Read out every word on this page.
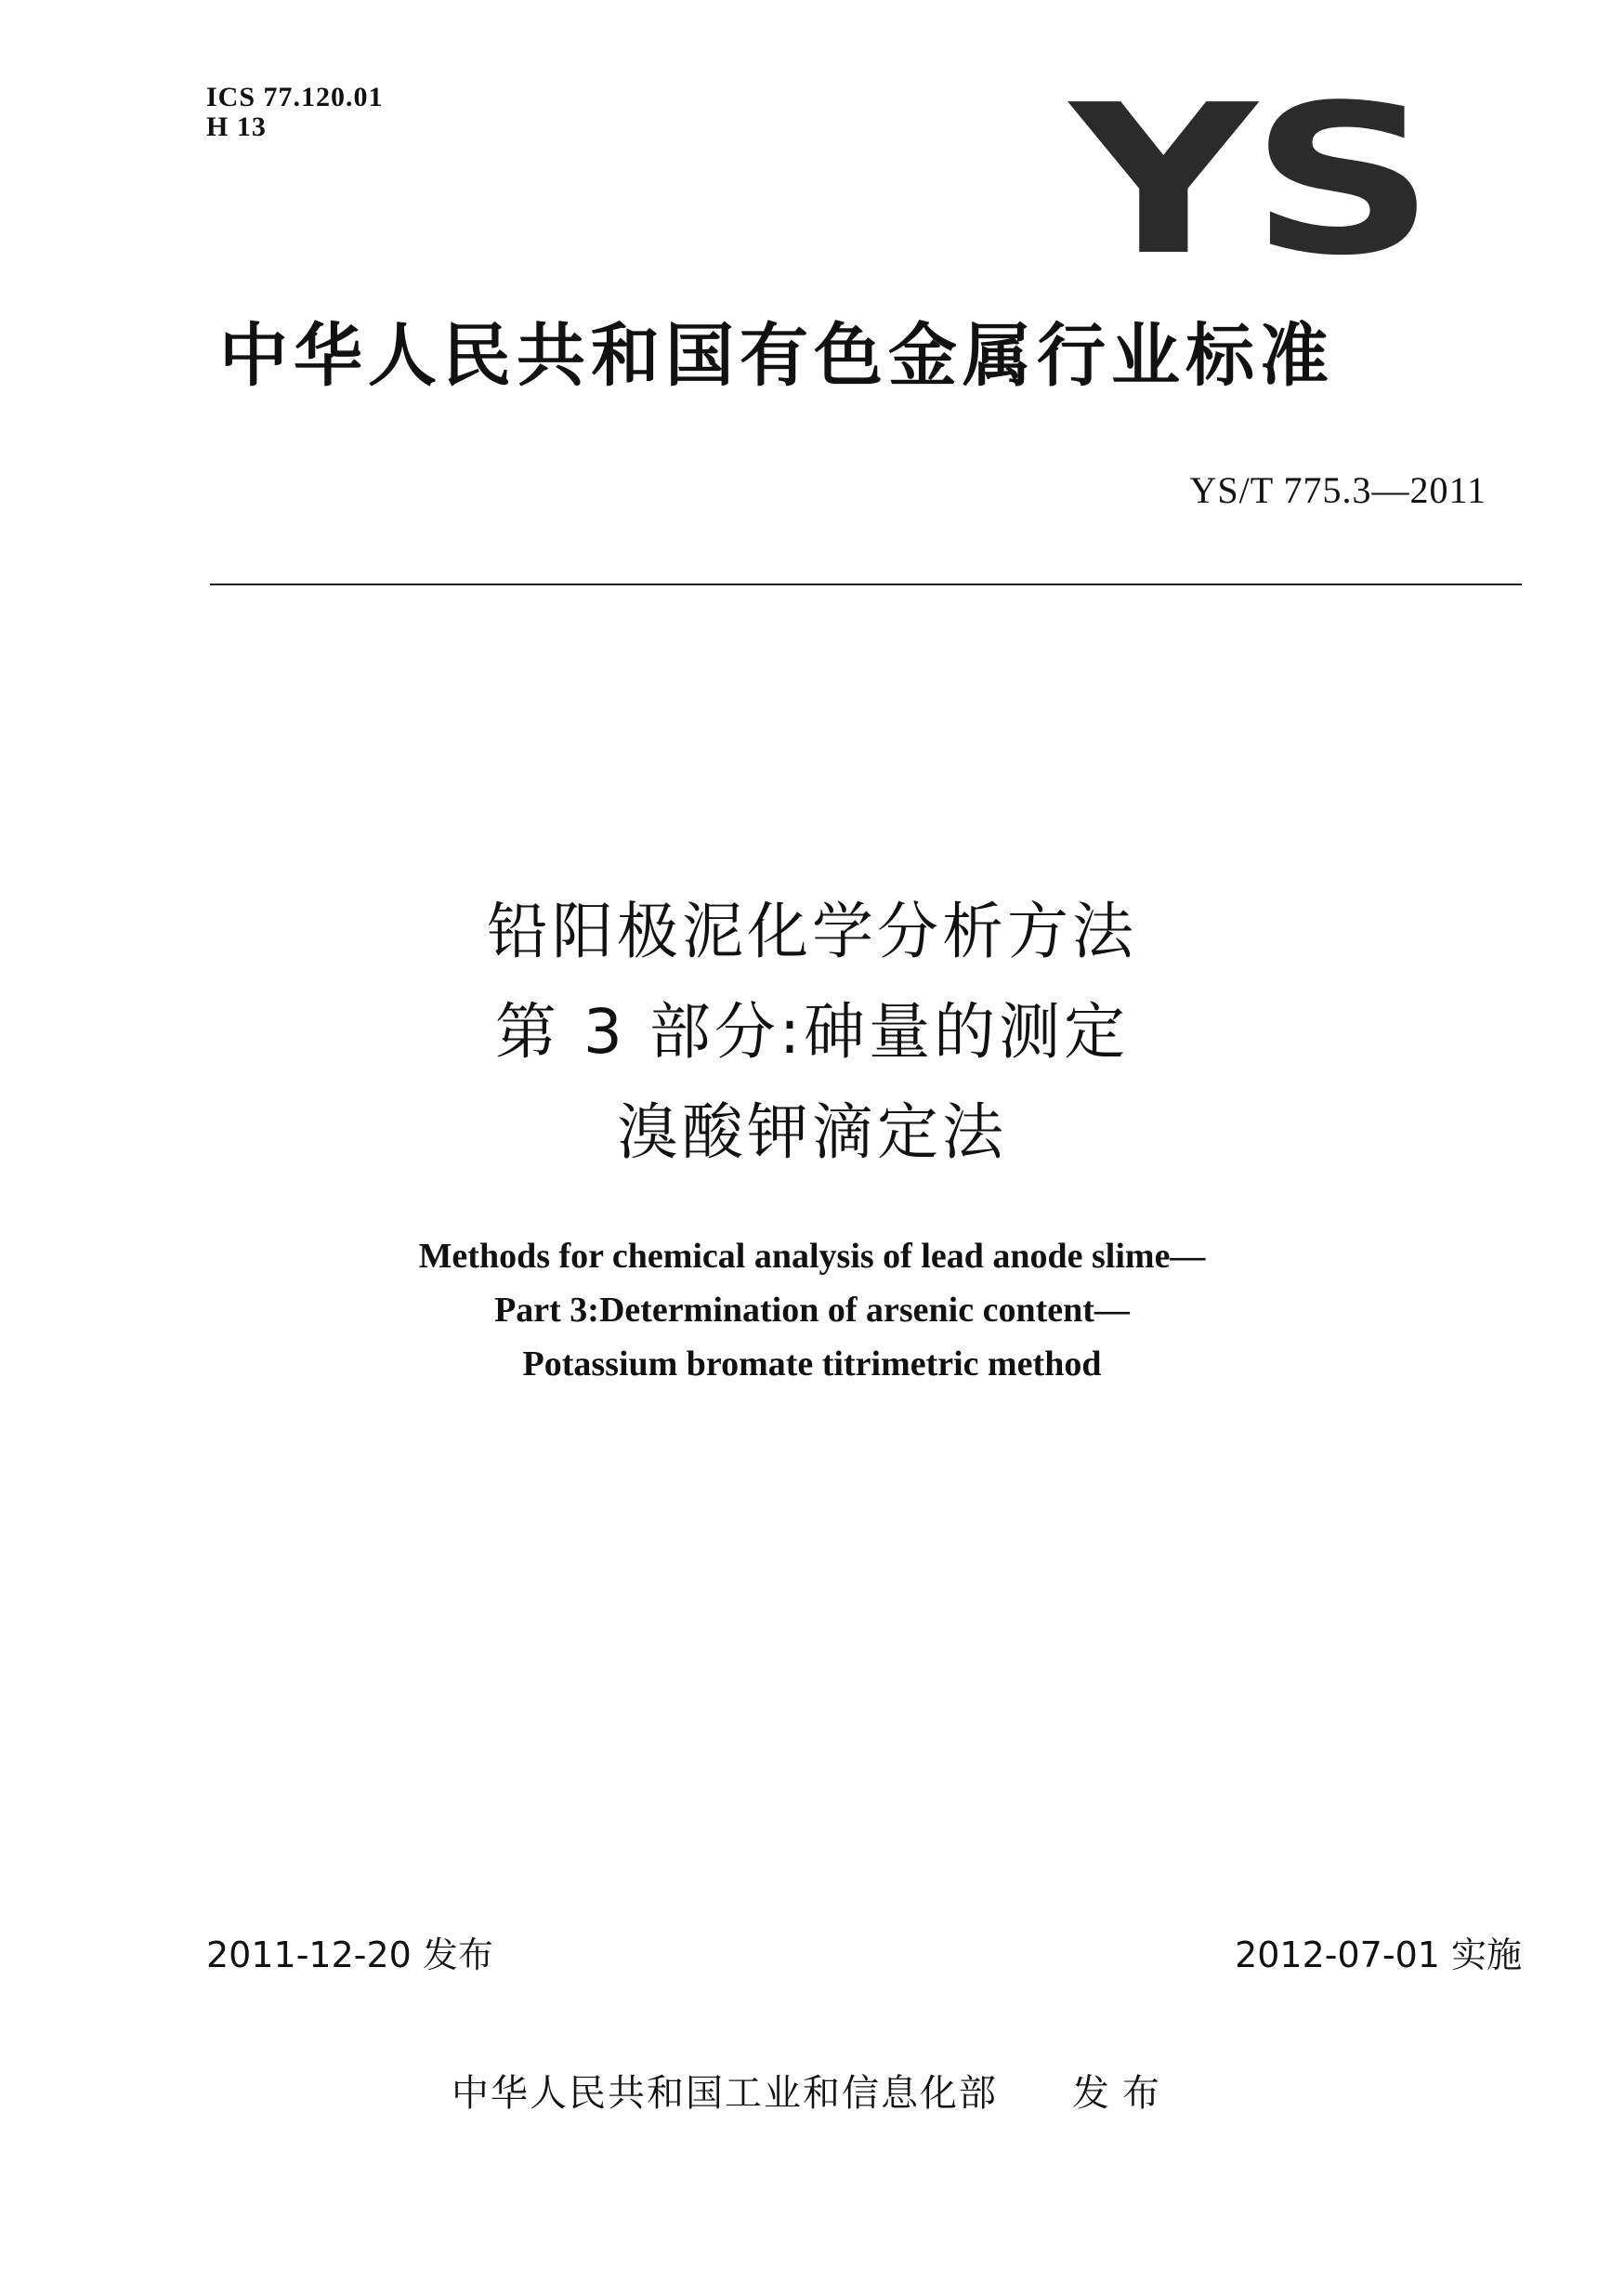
ICS 77.120.01
H 13	YS
中华人民共和国有色金属行业标准
YS/T 775.3—2011
铅阳极泥化学分析方法
第 3 部分:砷量的测定
溴酸钾滴定法
Methods for chemical analysis of lead anode slime—
Part 3:Determination of arsenic content—
Potassium bromate titrimetric method
2011-12-20 发布	2012-07-01 实施
中华人民共和国工业和信息化部 发布
